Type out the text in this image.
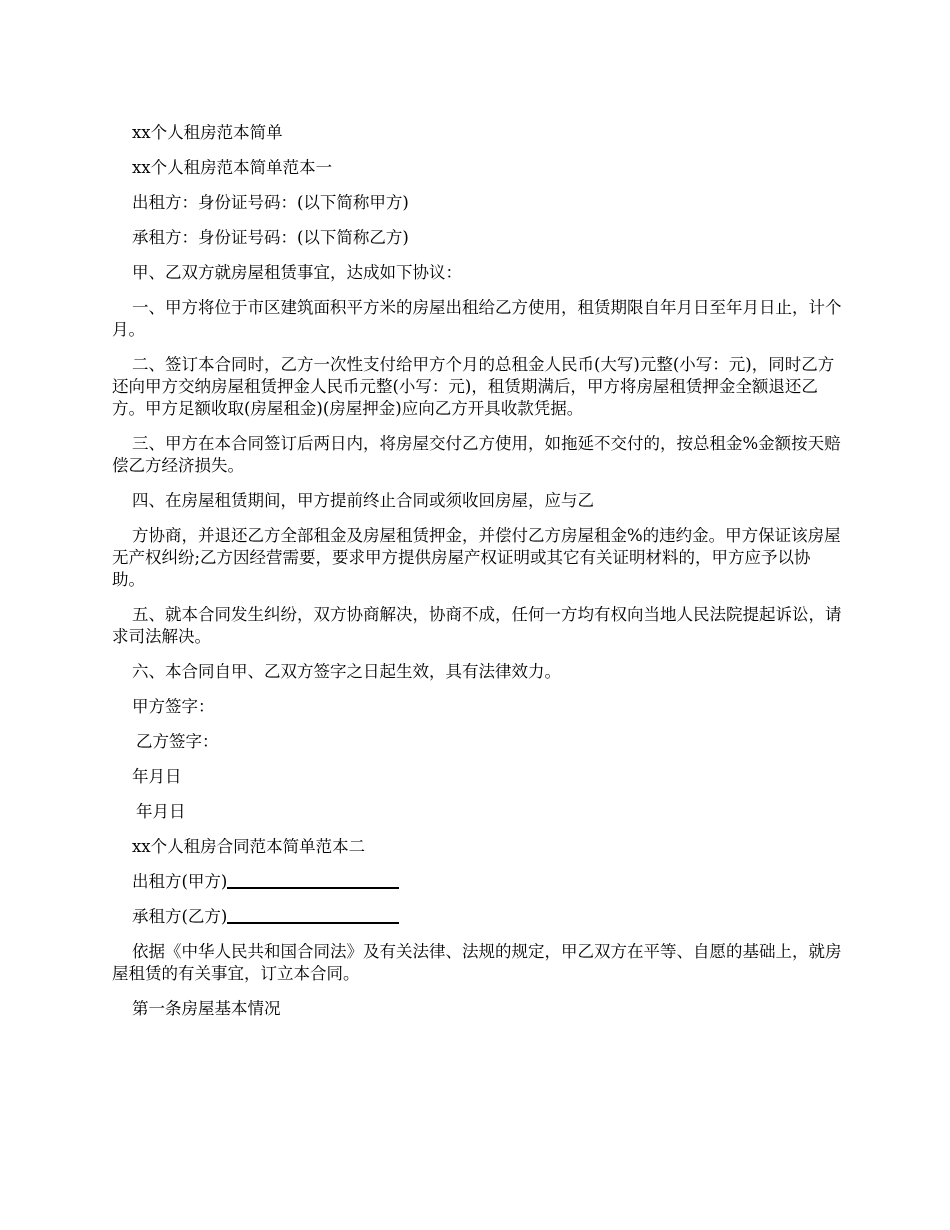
xx个人租房范本简单

xx个人租房范本简单范本一

出租方：身份证号码：(以下简称甲方)

承租方：身份证号码：(以下简称乙方)

甲、乙双方就房屋租赁事宜，达成如下协议：

一、甲方将位于市区建筑面积平方米的房屋出租给乙方使用，租赁期限自年月日至年月日止，计个月。

二、签订本合同时，乙方一次性支付给甲方个月的总租金人民币(大写)元整(小写：元)，同时乙方还向甲方交纳房屋租赁押金人民币元整(小写：元)，租赁期满后，甲方将房屋租赁押金全额退还乙方。甲方足额收取(房屋租金)(房屋押金)应向乙方开具收款凭据。

三、甲方在本合同签订后两日内，将房屋交付乙方使用，如拖延不交付的，按总租金%金额按天赔偿乙方经济损失。

四、在房屋租赁期间，甲方提前终止合同或须收回房屋，应与乙

方协商，并退还乙方全部租金及房屋租赁押金，并偿付乙方房屋租金%的违约金。甲方保证该房屋无产权纠纷;乙方因经营需要，要求甲方提供房屋产权证明或其它有关证明材料的，甲方应予以协助。

五、就本合同发生纠纷，双方协商解决，协商不成，任何一方均有权向当地人民法院提起诉讼，请求司法解决。

六、本合同自甲、乙双方签字之日起生效，具有法律效力。

甲方签字：

乙方签字：

年月日

年月日

xx个人租房合同范本简单范本二

出租方(甲方)

承租方(乙方)

依据《中华人民共和国合同法》及有关法律、法规的规定，甲乙双方在平等、自愿的基础上，就房屋租赁的有关事宜，订立本合同。

第一条房屋基本情况
